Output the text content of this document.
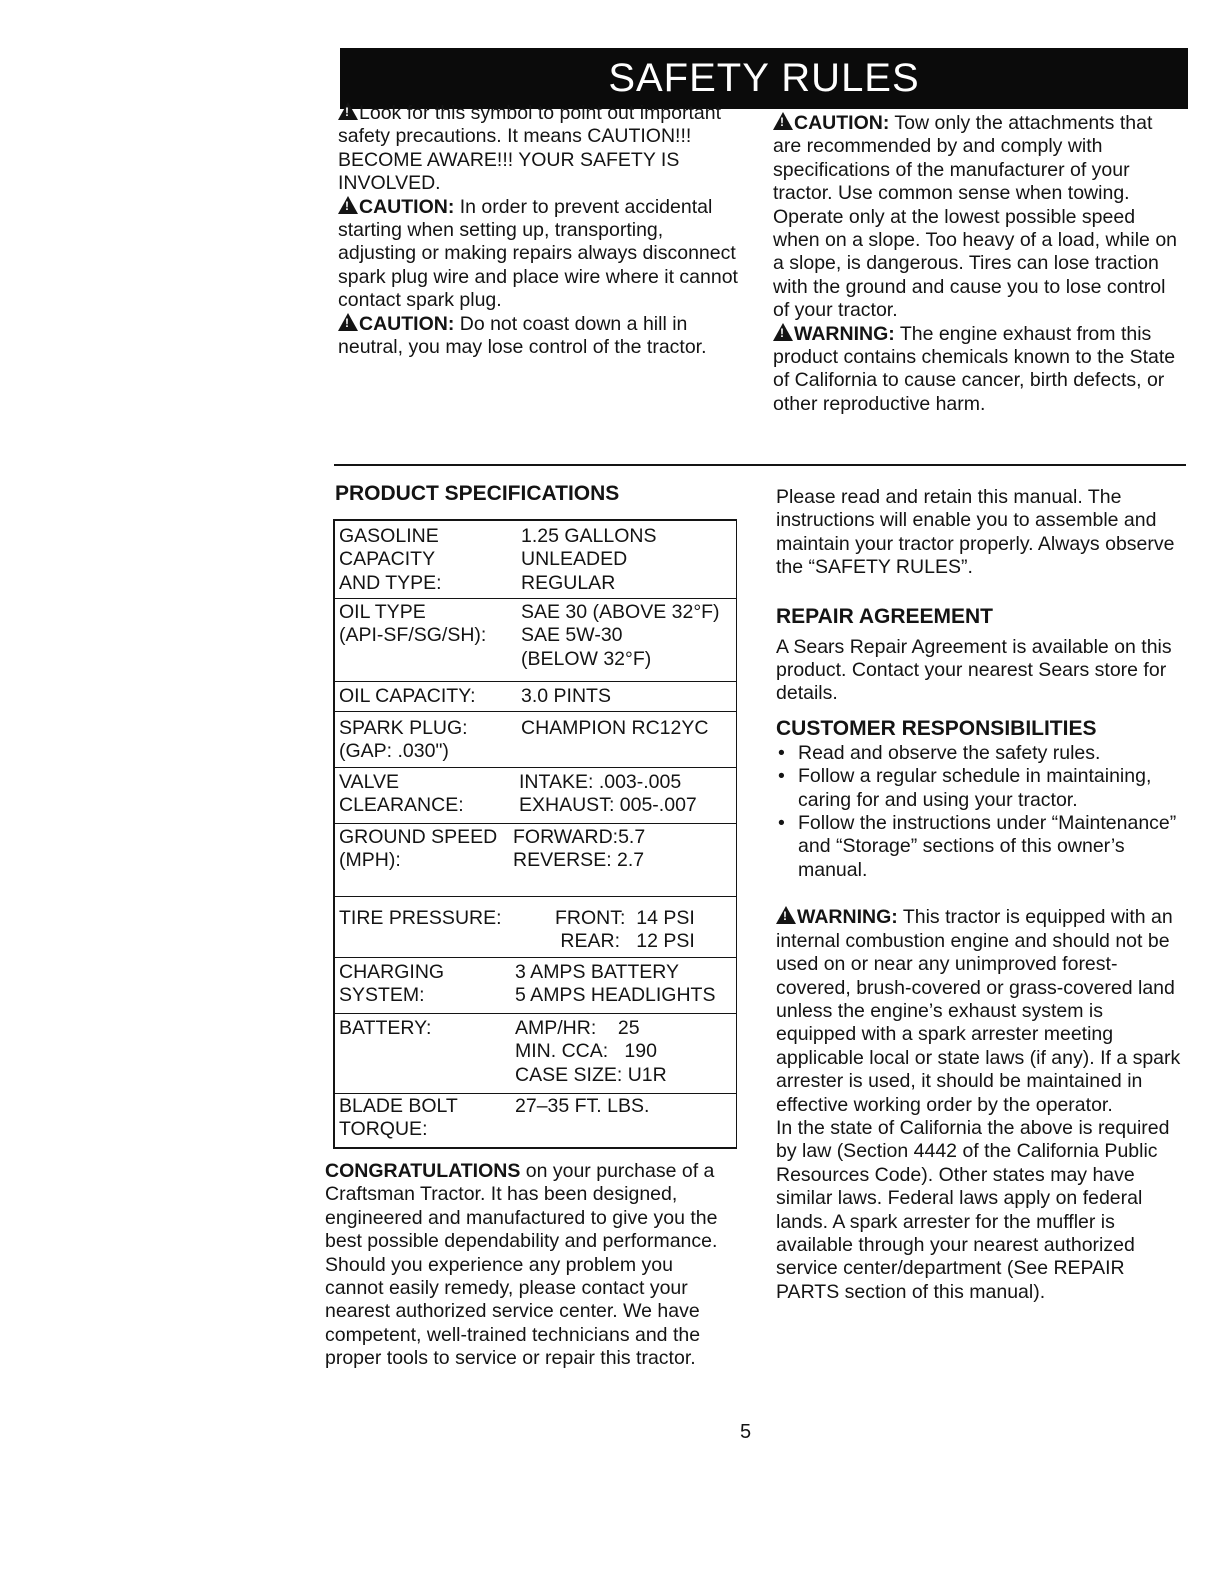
SAFETY RULES

!Look for this symbol to point out important safety precautions. It means CAUTION!!! BECOME AWARE!!! YOUR SAFETY IS INVOLVED.

!CAUTION: In order to prevent accidental starting when setting up, transporting, adjusting or making repairs always disconnect spark plug wire and place wire where it cannot contact spark plug.

!CAUTION: Do not coast down a hill in neutral, you may lose control of the tractor.

!CAUTION: Tow only the attachments that are recommended by and comply with specifications of the manufacturer of your tractor. Use common sense when towing. Operate only at the lowest possible speed when on a slope. Too heavy of a load, while on a slope, is dangerous. Tires can lose traction with the ground and cause you to lose control of your tractor.

!WARNING: The engine exhaust from this product contains chemicals known to the State of California to cause cancer, birth defects, or other reproductive harm.

PRODUCT SPECIFICATIONS
GASOLINE
CAPACITY
AND TYPE:
1.25 GALLONS
UNLEADED
REGULAR
OIL TYPE
(API-SF/SG/SH):
SAE 30 (ABOVE 32°F)
SAE 5W-30
(BELOW 32°F)
OIL CAPACITY: 3.0 PINTS
SPARK PLUG:
(GAP: .030")
CHAMPION RC12YC
VALVE
CLEARANCE:
INTAKE: .003-.005
EXHAUST: 005-.007
GROUND SPEED
(MPH):
FORWARD:5.7
REVERSE: 2.7
TIRE PRESSURE:	FRONT:  14 PSI
REAR:   12 PSI
CHARGING
SYSTEM:
3 AMPS BATTERY
5 AMPS HEADLIGHTS
BATTERY:	AMP/HR:    25
MIN. CCA:   190
CASE SIZE: U1R
BLADE BOLT
TORQUE:
27–35 FT. LBS.

CONGRATULATIONS on your purchase of a Craftsman Tractor. It has been designed, engineered and manufactured to give you the best possible dependability and performance.

Should you experience any problem you cannot easily remedy, please contact your nearest authorized service center. We have competent, well-trained technicians and the proper tools to service or repair this tractor.

Please read and retain this manual. The instructions will enable you to assemble and maintain your tractor properly. Always observe the “SAFETY RULES”.

REPAIR AGREEMENT

A Sears Repair Agreement is available on this product. Contact your nearest Sears store for details.

CUSTOMER RESPONSIBILITIES

• Read and observe the safety rules.
• Follow a regular schedule in maintaining, caring for and using your tractor.
• Follow the instructions under “Maintenance” and “Storage” sections of this owner’s manual.

!WARNING: This tractor is equipped with an internal combustion engine and should not be used on or near any unimproved forest-covered, brush-covered or grass-covered land unless the engine’s exhaust system is equipped with a spark arrester meeting applicable local or state laws (if any). If a spark arrester is used, it should be maintained in effective working order by the operator.

In the state of California the above is required by law (Section 4442 of the California Public Resources Code). Other states may have similar laws. Federal laws apply on federal lands. A spark arrester for the muffler is available through your nearest authorized service center/department (See REPAIR PARTS section of this manual).

5
